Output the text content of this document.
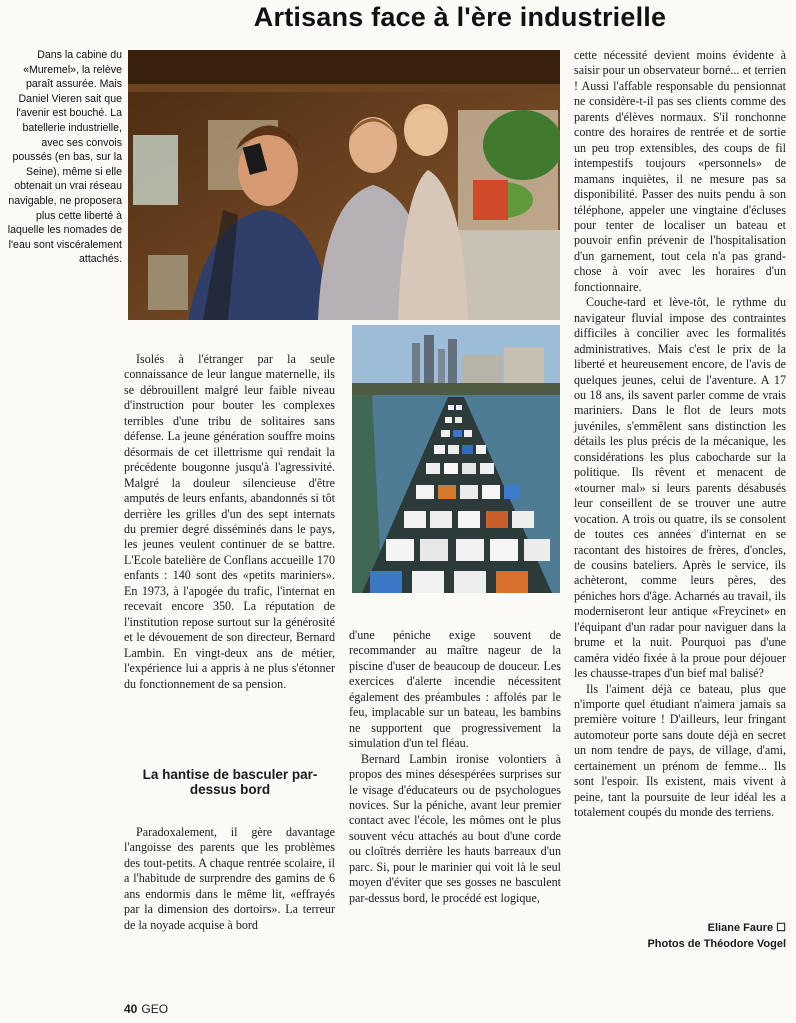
Artisans face à l'ère industrielle
Dans la cabine du «Muremel», la relève paraît assurée. Mais Daniel Vieren sait que l'avenir est bouché. La batellerie industrielle, avec ses convois poussés (en bas, sur la Seine), même si elle obtenait un vrai réseau navigable, ne proposera plus cette liberté à laquelle les nomades de l'eau sont viscéralement attachés.

Isolés à l'étranger par la seule connaissance de leur langue maternelle, ils se débrouillent malgré leur faible niveau d'instruction pour bouter les complexes terribles d'une tribu de solitaires sans défense. La jeune génération souffre moins désormais de cet illettrisme qui rendait la précédente bougonne jusqu'à l'agressivité. Malgré la douleur silencieuse d'être amputés de leurs enfants, abandonnés si tôt derrière les grilles d'un des sept internats du premier degré disséminés dans le pays, les jeunes veulent continuer de se battre. L'Ecole batelière de Conflans accueille 170 enfants : 140 sont des «petits mariniers». En 1973, à l'apogée du trafic, l'internat en recevait encore 350. La réputation de l'institution repose surtout sur la générosité et le dévouement de son directeur, Bernard Lambin. En vingt-deux ans de métier, l'expérience lui a appris à ne plus s'étonner du fonctionnement de sa pension.

La hantise de basculer par-dessus bord

Paradoxalement, il gère davantage l'angoisse des parents que les problèmes des tout-petits. A chaque rentrée scolaire, il a l'habitude de surprendre des gamins de 6 ans endormis dans le même lit, «effrayés par la dimension des dortoirs». La terreur de la noyade acquise à bord

d'une péniche exige souvent de recommander au maître nageur de la piscine d'user de beaucoup de douceur. Les exercices d'alerte incendie nécessitent également des préambules : affolés par le feu, implacable sur un bateau, les bambins ne supportent que progressivement la simulation d'un tel fléau.

Bernard Lambin ironise volontiers à propos des mines désespérées surprises sur le visage d'éducateurs ou de psychologues novices. Sur la péniche, avant leur premier contact avec l'école, les mômes ont le plus souvent vécu attachés au bout d'une corde ou cloîtrés derrière les hauts barreaux d'un parc. Si, pour le marinier qui voit là le seul moyen d'éviter que ses gosses ne basculent par-dessus bord, le procédé est logique,

cette nécessité devient moins évidente à saisir pour un observateur borné... et terrien ! Aussi l'affable responsable du pensionnat ne considère-t-il pas ses clients comme des parents d'élèves normaux. S'il ronchonne contre des horaires de rentrée et de sortie un peu trop extensibles, des coups de fil intempestifs toujours «personnels» de mamans inquiètes, il ne mesure pas sa disponibilité. Passer des nuits pendu à son téléphone, appeler une vingtaine d'écluses pour tenter de localiser un bateau et pouvoir enfin prévenir de l'hospitalisation d'un garnement, tout cela n'a pas grand-chose à voir avec les horaires d'un fonctionnaire.

Couche-tard et lève-tôt, le rythme du navigateur fluvial impose des contraintes difficiles à concilier avec les formalités administratives. Mais c'est le prix de la liberté et heureusement encore, de l'avis de quelques jeunes, celui de l'aventure. A 17 ou 18 ans, ils savent parler comme de vrais mariniers. Dans le flot de leurs mots juvéniles, s'emmêlent sans distinction les détails les plus précis de la mécanique, les considérations les plus cabocharde sur la politique. Ils rêvent et menacent de «tourner mal» si leurs parents désabusés leur conseillent de se trouver une autre vocation. A trois ou quatre, ils se consolent de toutes ces années d'internat en se racontant des histoires de frères, d'oncles, de cousins bateliers. Après le service, ils achèteront, comme leurs pères, des péniches hors d'âge. Acharnés au travail, ils moderniseront leur antique «Freycinet» en l'équipant d'un radar pour naviguer dans la brume et la nuit. Pourquoi pas d'une caméra vidéo fixée à la proue pour déjouer les chausse-trapes d'un bief mal balisé?

Ils l'aiment déjà ce bateau, plus que n'importe quel étudiant n'aimera jamais sa première voiture ! D'ailleurs, leur fringant automoteur porte sans doute déjà en secret un nom tendre de pays, de village, d'ami, certainement un prénom de femme... Ils sont l'espoir. Ils existent, mais vivent à peine, tant la poursuite de leur idéal les a totalement coupés du monde des terriens.

Eliane Faure ☐
Photos de Théodore Vogel
40 GEO
